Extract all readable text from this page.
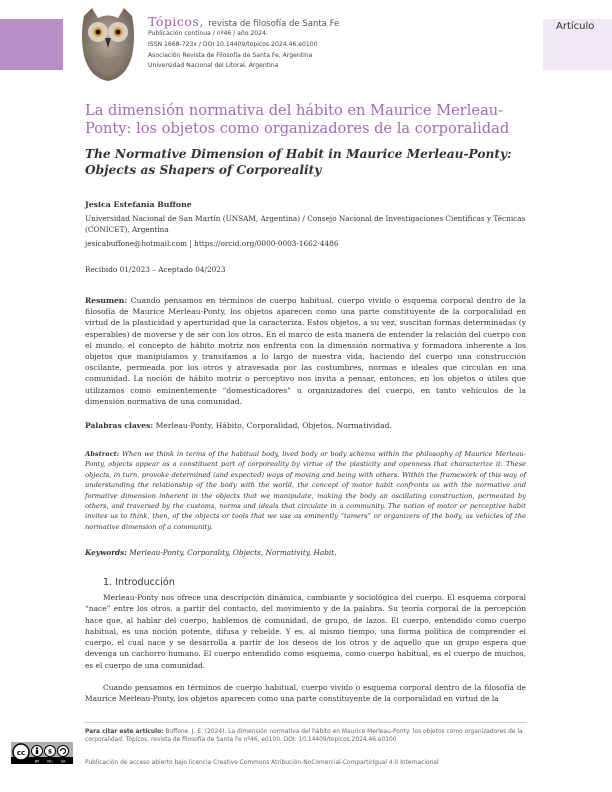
Tópicos, revista de filosofía de Santa Fe
Publicación continua / nº46 / año 2024.
ISSN 1668-723x / DOI 10.14409/topicos.2024.46.e0100
Asociación Revista de Filosofía de Santa Fe, Argentina
Universidad Nacional del Litoral, Argentina
Artículo
La dimensión normativa del hábito en Maurice Merleau-Ponty: los objetos como organizadores de la corporalidad
The Normative Dimension of Habit in Maurice Merleau-Ponty: Objects as Shapers of Corporeality
Jesica Estefanía Buffone
Universidad Nacional de San Martín (UNSAM, Argentina) / Consejo Nacional de Investigaciones Científicas y Técnicas
(CONICET), Argentina
jesicabuffone@hotmail.com | https://orcid.org/0000-0003-1662-4486
Recibido 01/2023 – Aceptado 04/2023
Resumen: Cuando pensamos en términos de cuerpo habitual, cuerpo vivido o esquema corporal dentro de la filosofía de Maurice Merleau-Ponty, los objetos aparecen como una parte constituyente de la corporalidad en virtud de la plasticidad y aperturidad que la caracteriza. Estos objetos, a su vez, suscitan formas determinadas (y esperables) de moverse y de ser con los otros. En el marco de esta manera de entender la relación del cuerpo con el mundo, el concepto de hábito motriz nos enfrenta con la dimensión normativa y formadora inherente a los objetos que manipulamos y transitamos a lo largo de nuestra vida, haciendo del cuerpo una construcción oscilante, permeada por los otros y atravesada por las costumbres, normas e ideales que circulan en una comunidad. La noción de hábito motriz o perceptivo nos invita a pensar, entonces, en los objetos o útiles que utilizamos como eminentemente “domesticadores” u organizadores del cuerpo, en tanto vehículos de la dimensión normativa de una comunidad.
Palabras claves: Merleau-Ponty, Hábito, Corporalidad, Objetos, Normatividad.
Abstract: When we think in terms of the habitual body, lived body or body schema within the philosophy of Maurice Merleau-Ponty, objects appear as a constituent part of corporeality by virtue of the plasticity and openness that characterize it. These objects, in turn, provoke determined (and expected) ways of moving and being with others. Within the framework of this way of understanding the relationship of the body with the world, the concept of motor habit confronts us with the normative and formative dimension inherent in the objects that we manipulate, making the body an oscillating construction, permeated by others, and traversed by the customs, norms and ideals that circulate in a community. The notion of motor or perceptive habit invites us to think, then, of the objects or tools that we use as eminently “tamers” or organizers of the body, as vehicles of the normative dimension of a community.
Keywords: Merleau-Ponty, Corporality, Objects, Normativity, Habit.
1. Introducción
Merleau-Ponty nos ofrece una descripción dinámica, cambiante y sociológica del cuerpo. El esquema corporal “nace” entre los otros, a partir del contacto, del movimiento y de la palabra. Su teoría corporal de la percepción hace que, al hablar del cuerpo, hablemos de comunidad, de grupo, de lazos. El cuerpo, entendido como cuerpo habitual, es una noción potente, difusa y rebelde. Y es, al mismo tiempo, una forma política de comprender el cuerpo, el cual nace y se desarrolla a partir de los deseos de los otros y de aquello que un grupo espera que devenga un cachorro humano. El cuerpo entendido como esquema, como cuerpo habitual, es el cuerpo de muchos, es el cuerpo de una comunidad.
Cuando pensamos en términos de cuerpo habitual, cuerpo vivido o esquema corporal dentro de la filosofía de Maurice Merleau-Ponty, los objetos aparecen como una parte constituyente de la corporalidad en virtud de la
Para citar este artículo: Buffone, J. E. (2024). La dimensión normativa del hábito en Maurice Merleau-Ponty: los objetos como organizadores de la corporalidad. Tópicos, revista de filosofía de Santa Fe nº46, e0100. DOI: 10.14409/topicos.2024.46.e0100
cc	$
BY NC SA	Publicación de acceso abierto bajo licencia Creative Commons Atribución-NoComercial-CompartirIgual 4.0 Internacional
